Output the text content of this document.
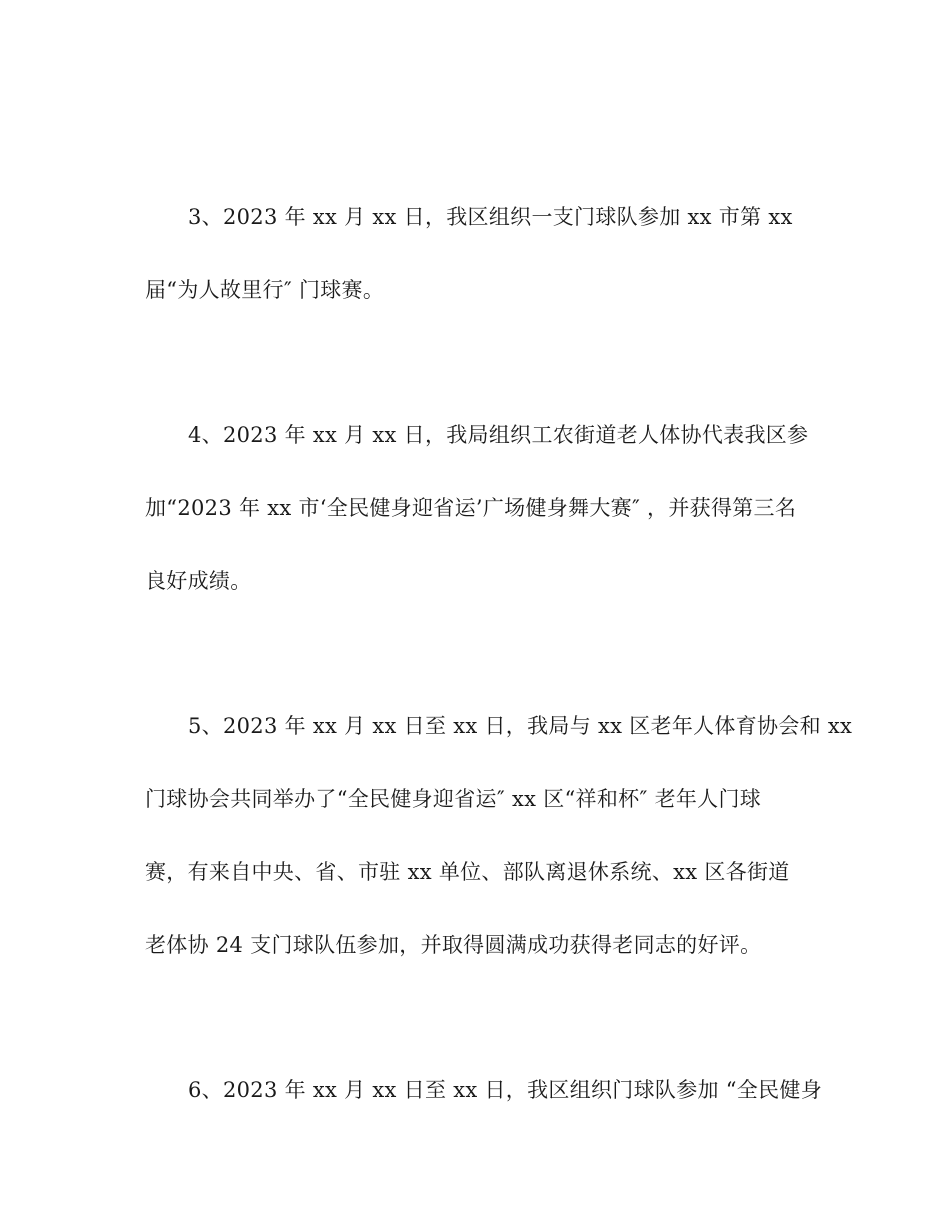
3、2023 年 xx 月 xx 日，我区组织一支门球队参加 xx 市第 xx
届“为人故里行″ 门球赛。
4、2023 年 xx 月 xx 日，我局组织工农街道老人体协代表我区参
加“2023 年 xx 市‘全民健身迎省运’广场健身舞大赛″ ，并获得第三名
良好成绩。
5、2023 年 xx 月 xx 日至 xx 日，我局与 xx 区老年人体育协会和 xx
门球协会共同举办了“全民健身迎省运″ xx 区“祥和杯″ 老年人门球
赛，有来自中央、省、市驻 xx 单位、部队离退休系统、xx 区各街道
老体协 24 支门球队伍参加，并取得圆满成功获得老同志的好评。
6、2023 年 xx 月 xx 日至 xx 日，我区组织门球队参加 “全民健身
